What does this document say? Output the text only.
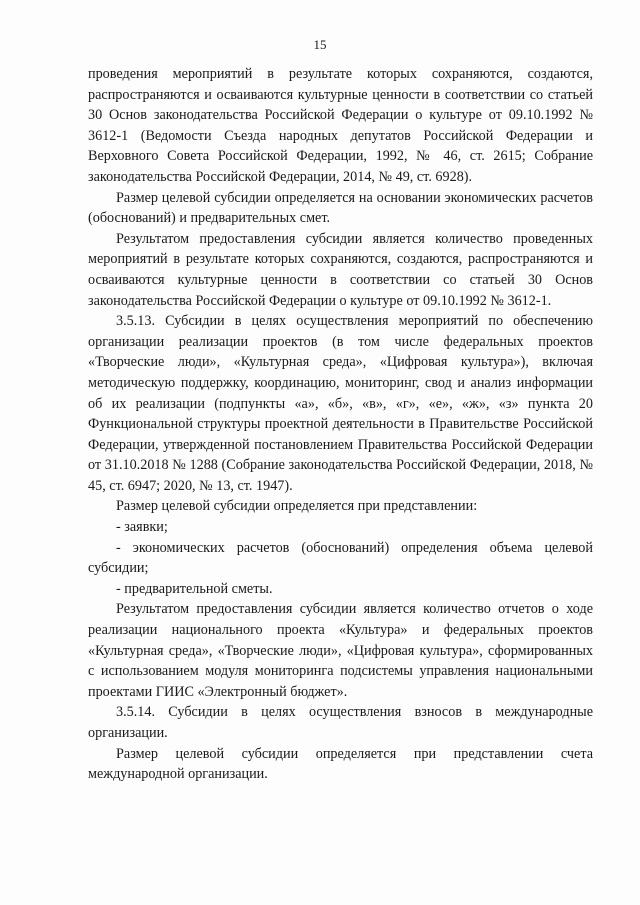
15

проведения мероприятий в результате которых сохраняются, создаются, распространяются и осваиваются культурные ценности в соответствии со статьей 30 Основ законодательства Российской Федерации о культуре от 09.10.1992 № 3612-1 (Ведомости Съезда народных депутатов Российской Федерации и Верховного Совета Российской Федерации, 1992, № 46, ст. 2615; Собрание законодательства Российской Федерации, 2014, № 49, ст. 6928).

Размер целевой субсидии определяется на основании экономических расчетов (обоснований) и предварительных смет.

Результатом предоставления субсидии является количество проведенных мероприятий в результате которых сохраняются, создаются, распространяются и осваиваются культурные ценности в соответствии со статьей 30 Основ законодательства Российской Федерации о культуре от 09.10.1992 № 3612-1.

3.5.13. Субсидии в целях осуществления мероприятий по обеспечению организации реализации проектов (в том числе федеральных проектов «Творческие люди», «Культурная среда», «Цифровая культура»), включая методическую поддержку, координацию, мониторинг, свод и анализ информации об их реализации (подпункты «а», «б», «в», «г», «е», «ж», «з» пункта 20 Функциональной структуры проектной деятельности в Правительстве Российской Федерации, утвержденной постановлением Правительства Российской Федерации от 31.10.2018 № 1288 (Собрание законодательства Российской Федерации, 2018, № 45, ст. 6947; 2020, № 13, ст. 1947).

Размер целевой субсидии определяется при представлении:

- заявки;

- экономических расчетов (обоснований) определения объема целевой субсидии;

- предварительной сметы.

Результатом предоставления субсидии является количество отчетов о ходе реализации национального проекта «Культура» и федеральных проектов «Культурная среда», «Творческие люди», «Цифровая культура», сформированных с использованием модуля мониторинга подсистемы управления национальными проектами ГИИС «Электронный бюджет».

3.5.14. Субсидии в целях осуществления взносов в международные организации.

Размер целевой субсидии определяется при представлении счета международной организации.
